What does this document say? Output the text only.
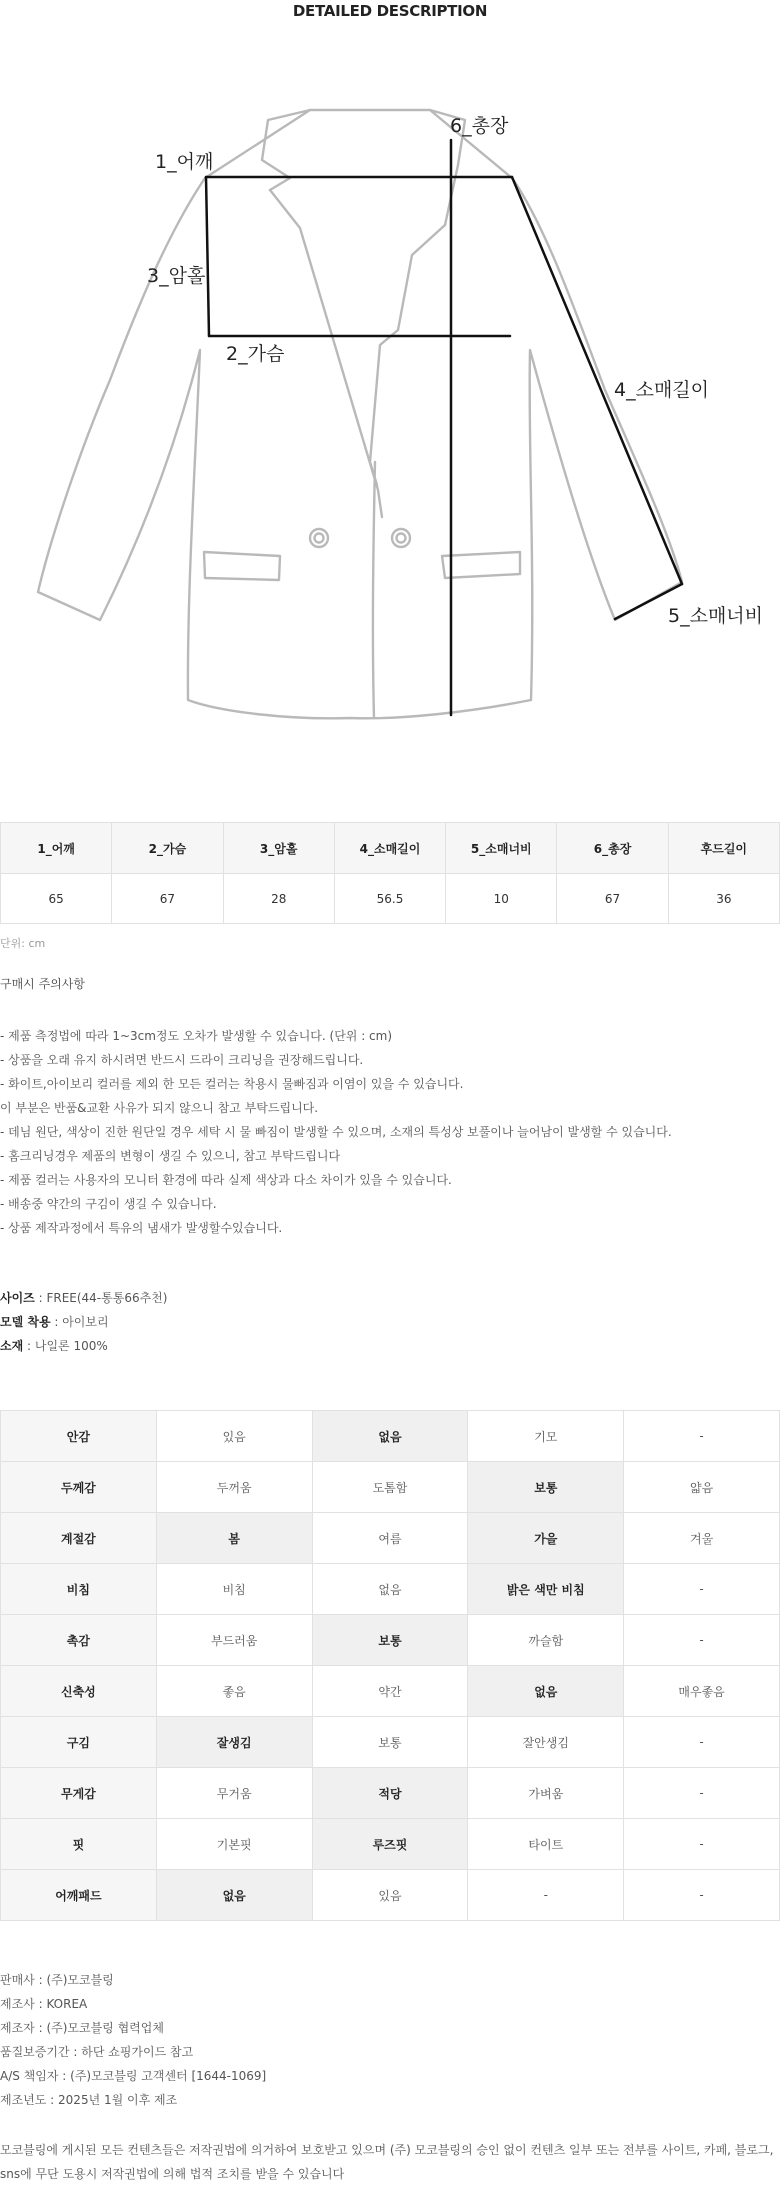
DETAILED DESCRIPTION
1_어깨
6_총장
3_암홀
2_가슴
4_소매길이
5_소매너비
1_어깨	2_가슴	3_암홀	4_소매길이	5_소매너비	6_총장	후드길이
65	67	28	56.5	10	67	36
단위: cm
구매시 주의사항
- 제품 측정법에 따라 1~3cm정도 오차가 발생할 수 있습니다. (단위 : cm)
- 상품을 오래 유지 하시려면 반드시 드라이 크리닝을 권장해드립니다.
- 화이트,아이보리 컬러를 제외 한 모든 컬러는 착용시 물빠짐과 이염이 있을 수 있습니다.
이 부분은 반품&교환 사유가 되지 않으니 참고 부탁드립니다.
- 데님 원단, 색상이 진한 원단일 경우 세탁 시 물 빠짐이 발생할 수 있으며, 소재의 특성상 보풀이나 늘어남이 발생할 수 있습니다.
- 홈크리닝경우 제품의 변형이 생길 수 있으니, 참고 부탁드립니다
- 제품 컬러는 사용자의 모니터 환경에 따라 실제 색상과 다소 차이가 있을 수 있습니다.
- 배송중 약간의 구김이 생길 수 있습니다.
- 상품 제작과정에서 특유의 냄새가 발생할수있습니다.
사이즈 : FREE(44-통통66추천)
모델 착용 : 아이보리
소재 : 나일론 100%
안감	있음	없음	기모	-
두께감	두꺼움	도톰함	보통	얇음
계절감	봄	여름	가을	겨울
비침	비침	없음	밝은 색만 비침	-
촉감	부드러움	보통	까슬함	-
신축성	좋음	약간	없음	매우좋음
구김	잘생김	보통	잘안생김	-
무게감	무거움	적당	가벼움	-
핏	기본핏	루즈핏	타이트	-
어깨패드	없음	있음	-	-
판매사 : (주)모코블링
제조사 : KOREA
제조자 : (주)모코블링 협력업체
품질보증기간 : 하단 쇼핑가이드 참고
A/S 책임자 : (주)모코블링 고객센터 [1644-1069]
제조년도 : 2025년 1월 이후 제조
모코블링에 게시된 모든 컨텐츠들은 저작권법에 의거하여 보호받고 있으며 (주) 모코블링의 승인 없이 컨텐츠 일부 또는 전부를 사이트, 카페, 블로그, sns에 무단 도용시 저작권법에 의해 법적 조치를 받을 수 있습니다
